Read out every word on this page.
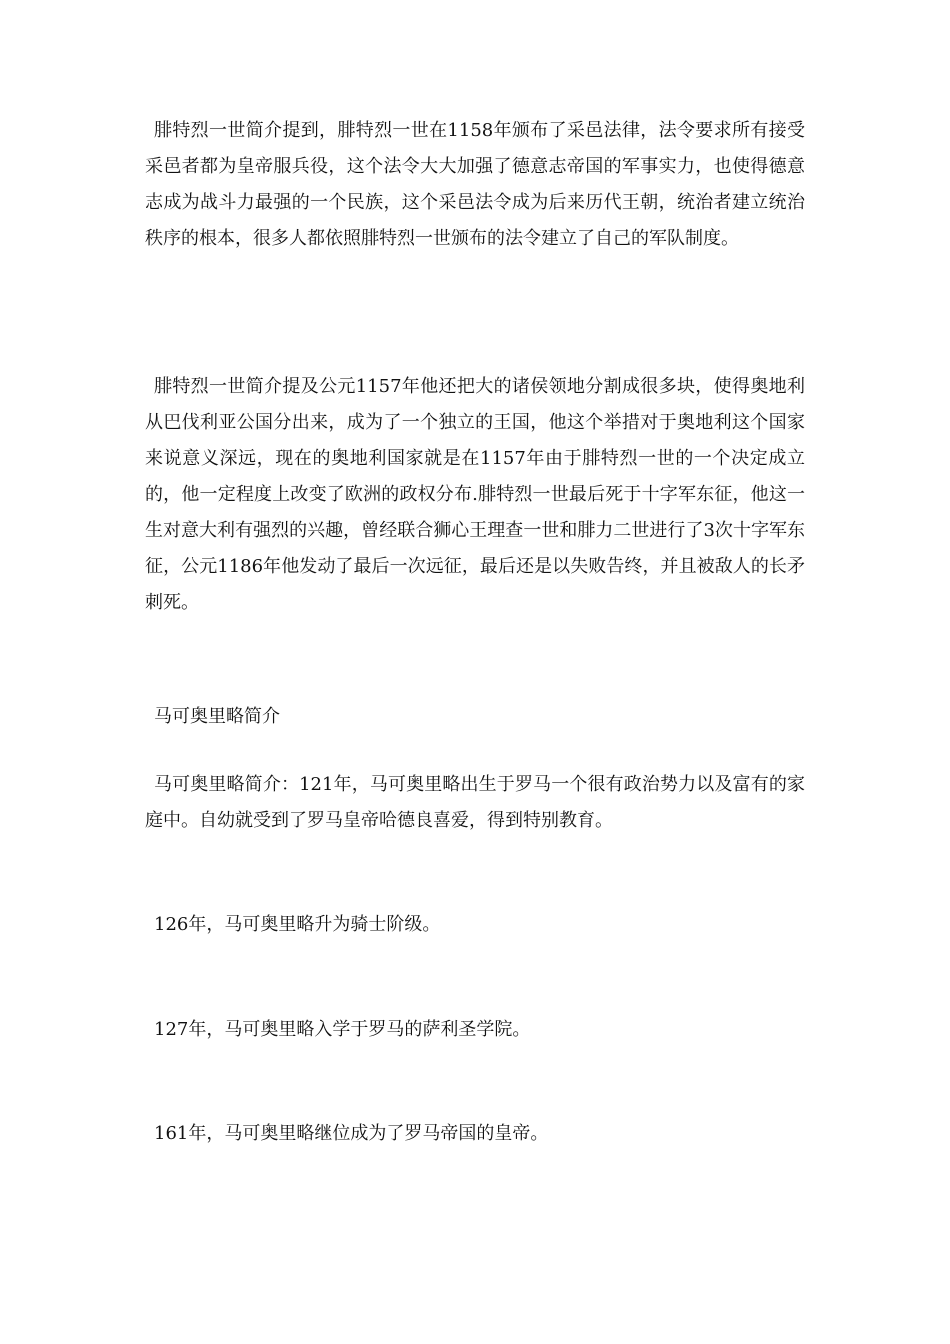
腓特烈一世简介提到，腓特烈一世在1158年颁布了采邑法律，法令要求所有接受采邑者都为皇帝服兵役，这个法令大大加强了德意志帝国的军事实力，也使得德意志成为战斗力最强的一个民族，这个采邑法令成为后来历代王朝，统治者建立统治秩序的根本，很多人都依照腓特烈一世颁布的法令建立了自己的军队制度。

腓特烈一世简介提及公元1157年他还把大的诸侯领地分割成很多块，使得奥地利从巴伐利亚公国分出来，成为了一个独立的王国，他这个举措对于奥地利这个国家来说意义深远，现在的奥地利国家就是在1157年由于腓特烈一世的一个决定成立的，他一定程度上改变了欧洲的政权分布.腓特烈一世最后死于十字军东征，他这一生对意大利有强烈的兴趣，曾经联合狮心王理查一世和腓力二世进行了3次十字军东征，公元1186年他发动了最后一次远征，最后还是以失败告终，并且被敌人的长矛刺死。

马可奥里略简介

马可奥里略简介：121年，马可奥里略出生于罗马一个很有政治势力以及富有的家庭中。自幼就受到了罗马皇帝哈德良喜爱，得到特别教育。

126年，马可奥里略升为骑士阶级。

127年，马可奥里略入学于罗马的萨利圣学院。

161年，马可奥里略继位成为了罗马帝国的皇帝。
